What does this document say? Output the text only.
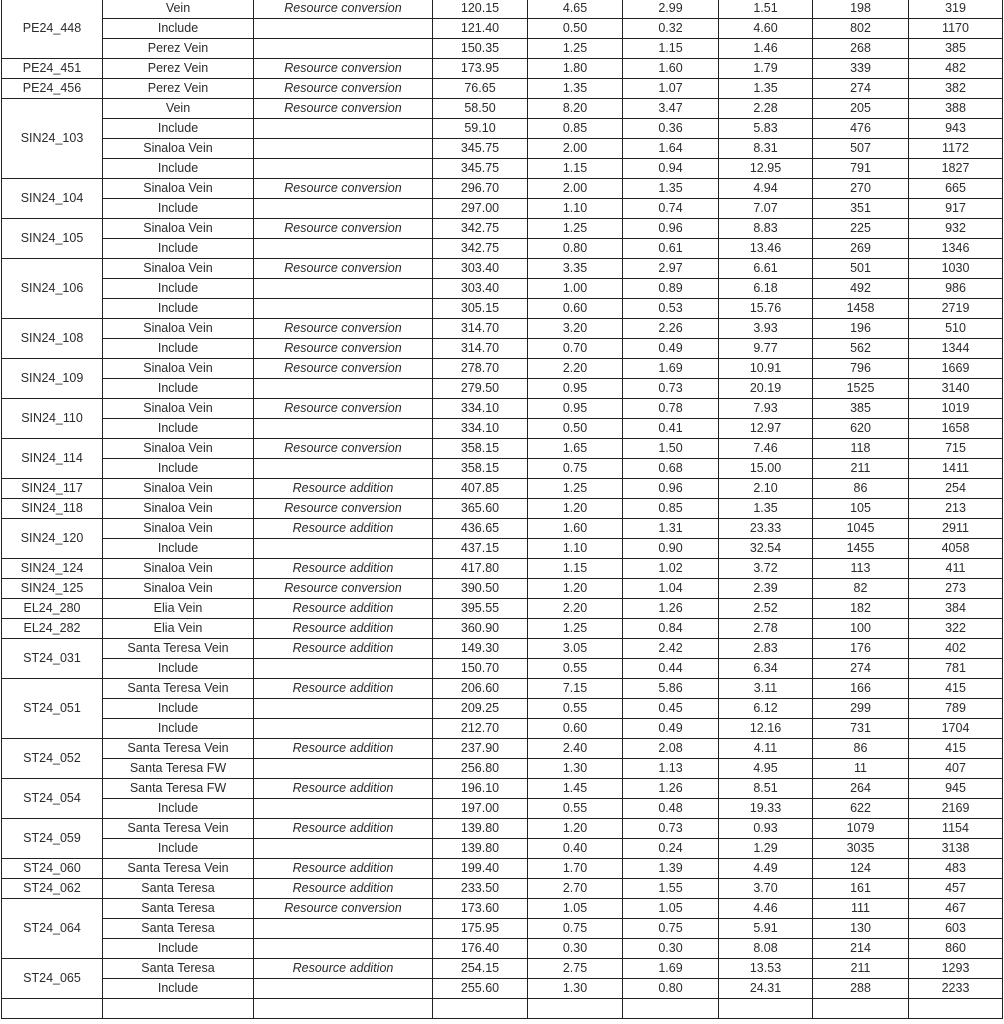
PE24_448	Vein	Resource conversion	120.15	4.65	2.99	1.51	198	319
	Include		121.40	0.50	0.32	4.60	802	1170
	Perez Vein		150.35	1.25	1.15	1.46	268	385
PE24_451	Perez Vein	Resource conversion	173.95	1.80	1.60	1.79	339	482
PE24_456	Perez Vein	Resource conversion	76.65	1.35	1.07	1.35	274	382
SIN24_103	Vein	Resource conversion	58.50	8.20	3.47	2.28	205	388
	Include		59.10	0.85	0.36	5.83	476	943
	Sinaloa Vein		345.75	2.00	1.64	8.31	507	1172
	Include		345.75	1.15	0.94	12.95	791	1827
SIN24_104	Sinaloa Vein	Resource conversion	296.70	2.00	1.35	4.94	270	665
	Include		297.00	1.10	0.74	7.07	351	917
SIN24_105	Sinaloa Vein	Resource conversion	342.75	1.25	0.96	8.83	225	932
	Include		342.75	0.80	0.61	13.46	269	1346
SIN24_106	Sinaloa Vein	Resource conversion	303.40	3.35	2.97	6.61	501	1030
	Include		303.40	1.00	0.89	6.18	492	986
	Include		305.15	0.60	0.53	15.76	1458	2719
SIN24_108	Sinaloa Vein	Resource conversion	314.70	3.20	2.26	3.93	196	510
	Include	Resource conversion	314.70	0.70	0.49	9.77	562	1344
SIN24_109	Sinaloa Vein	Resource conversion	278.70	2.20	1.69	10.91	796	1669
	Include		279.50	0.95	0.73	20.19	1525	3140
SIN24_110	Sinaloa Vein	Resource conversion	334.10	0.95	0.78	7.93	385	1019
	Include		334.10	0.50	0.41	12.97	620	1658
SIN24_114	Sinaloa Vein	Resource conversion	358.15	1.65	1.50	7.46	118	715
	Include		358.15	0.75	0.68	15.00	211	1411
SIN24_117	Sinaloa Vein	Resource addition	407.85	1.25	0.96	2.10	86	254
SIN24_118	Sinaloa Vein	Resource conversion	365.60	1.20	0.85	1.35	105	213
SIN24_120	Sinaloa Vein	Resource addition	436.65	1.60	1.31	23.33	1045	2911
	Include		437.15	1.10	0.90	32.54	1455	4058
SIN24_124	Sinaloa Vein	Resource addition	417.80	1.15	1.02	3.72	113	411
SIN24_125	Sinaloa Vein	Resource conversion	390.50	1.20	1.04	2.39	82	273
EL24_280	Elia Vein	Resource addition	395.55	2.20	1.26	2.52	182	384
EL24_282	Elia Vein	Resource addition	360.90	1.25	0.84	2.78	100	322
ST24_031	Santa Teresa Vein	Resource addition	149.30	3.05	2.42	2.83	176	402
	Include		150.70	0.55	0.44	6.34	274	781
ST24_051	Santa Teresa Vein	Resource addition	206.60	7.15	5.86	3.11	166	415
	Include		209.25	0.55	0.45	6.12	299	789
	Include		212.70	0.60	0.49	12.16	731	1704
ST24_052	Santa Teresa Vein	Resource addition	237.90	2.40	2.08	4.11	86	415
	Santa Teresa FW		256.80	1.30	1.13	4.95	11	407
ST24_054	Santa Teresa FW	Resource addition	196.10	1.45	1.26	8.51	264	945
	Include		197.00	0.55	0.48	19.33	622	2169
ST24_059	Santa Teresa Vein	Resource addition	139.80	1.20	0.73	0.93	1079	1154
	Include		139.80	0.40	0.24	1.29	3035	3138
ST24_060	Santa Teresa Vein	Resource addition	199.40	1.70	1.39	4.49	124	483
ST24_062	Santa Teresa	Resource addition	233.50	2.70	1.55	3.70	161	457
ST24_064	Santa Teresa	Resource conversion	173.60	1.05	1.05	4.46	111	467
	Santa Teresa		175.95	0.75	0.75	5.91	130	603
	Include		176.40	0.30	0.30	8.08	214	860
ST24_065	Santa Teresa	Resource addition	254.15	2.75	1.69	13.53	211	1293
	Include		255.60	1.30	0.80	24.31	288	2233
